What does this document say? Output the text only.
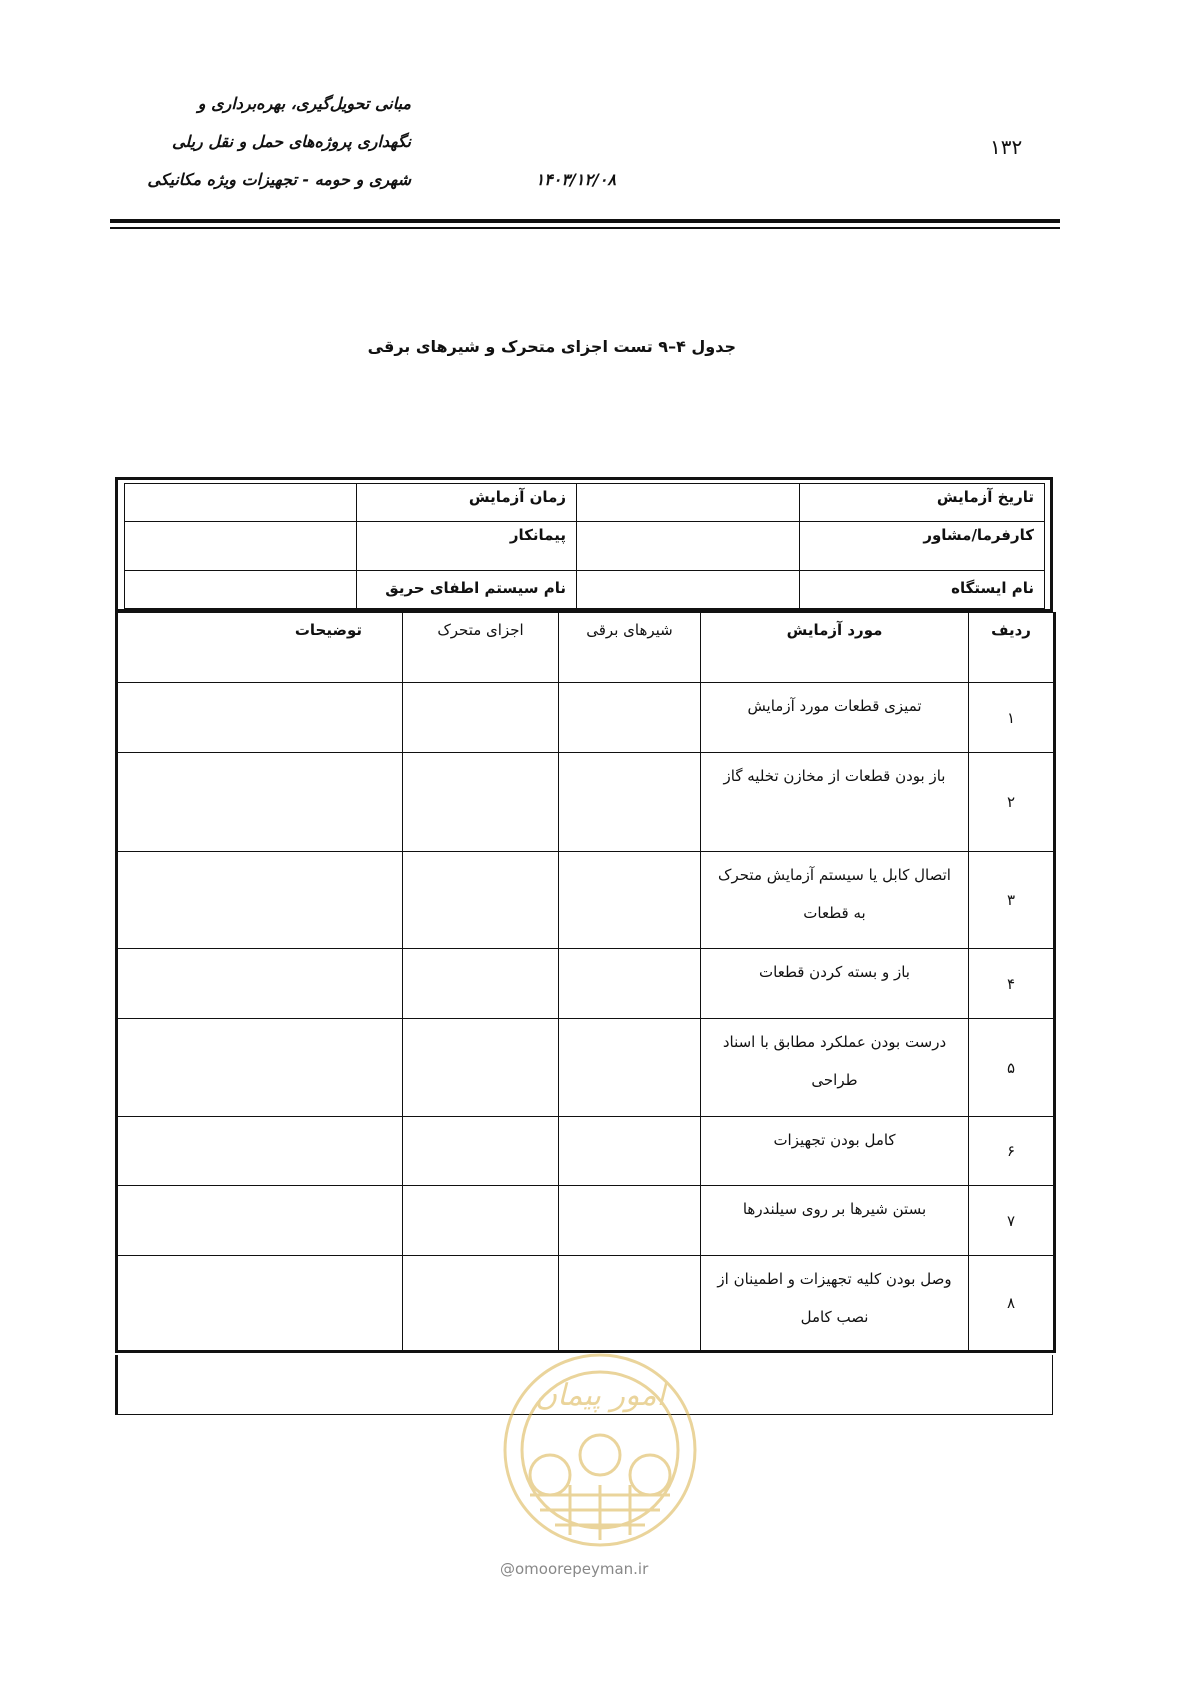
مبانی تحویل‌گیری، بهره‌برداری و
نگهداری پروژه‌های حمل و نقل ریلی
شهری و حومه - تجهیزات ویژه مکانیکی	۱۴۰۳/۱۲/۰۸
۱۳۲
جدول ۴–۹ تست اجزای متحرک و شیرهای برقی
تاریخ آزمایش		زمان آزمایش	
کارفرما/مشاور		پیمانکار	
نام ایستگاه		نام سیستم اطفای حریق	
ردیف	مورد آزمایش	شیرهای برقی	اجزای متحرک	توضیحات
۱	تمیزی قطعات مورد آزمایش			
۲	باز بودن قطعات از مخازن تخلیه گاز			
۳	اتصال کابل یا سیستم آزمایش متحرک به قطعات			
۴	باز و بسته کردن قطعات			
۵	درست بودن عملکرد مطابق با اسناد طراحی			
۶	کامل بودن تجهیزات			
۷	بستن شیرها بر روی سیلندرها			
۸	وصل بودن کلیه تجهیزات و اطمینان از نصب کامل			
امور پیمان
@omoorepeyman.ir
